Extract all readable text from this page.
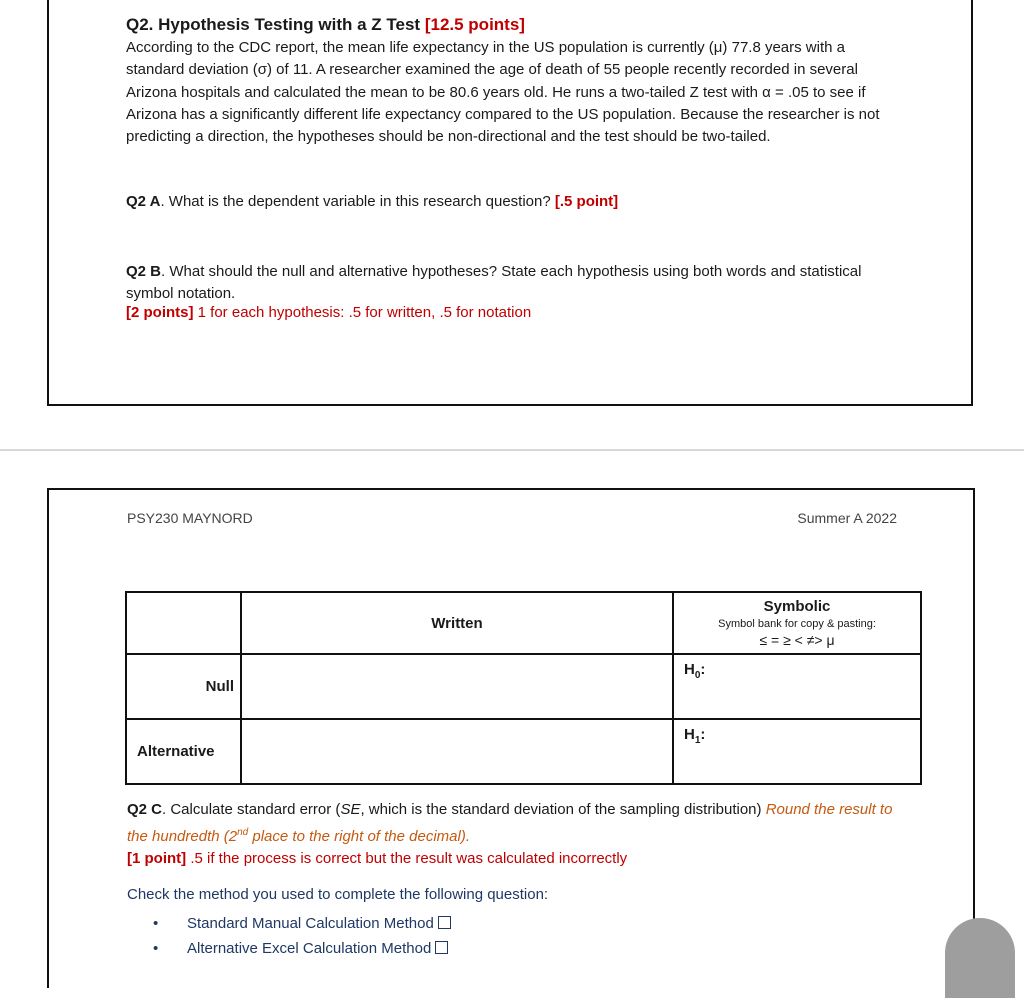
Q2. Hypothesis Testing with a Z Test [12.5 points]
According to the CDC report, the mean life expectancy in the US population is currently (μ) 77.8 years with a standard deviation (σ) of 11. A researcher examined the age of death of 55 people recently recorded in several Arizona hospitals and calculated the mean to be 80.6 years old. He runs a two-tailed Z test with α = .05 to see if Arizona has a significantly different life expectancy compared to the US population. Because the researcher is not predicting a direction, the hypotheses should be non-directional and the test should be two-tailed.
Q2 A. What is the dependent variable in this research question? [.5 point]
Q2 B. What should the null and alternative hypotheses? State each hypothesis using both words and statistical symbol notation.
[2 points] 1 for each hypothesis: .5 for written, .5 for notation
PSY230 MAYNORD	Summer A 2022
	Written	Symbolic
Symbol bank for copy & pasting:
≤ = ≥ < ≠> μ

Null		$H_0$:
Alternative		$H_1$:
Q2 C. Calculate standard error (SE, which is the standard deviation of the sampling distribution) Round the result to the hundredth (2nd place to the right of the decimal).
[1 point] .5 if the process is correct but the result was calculated incorrectly
Check the method you used to complete the following question:
• Standard Manual Calculation Method
• Alternative Excel Calculation Method
